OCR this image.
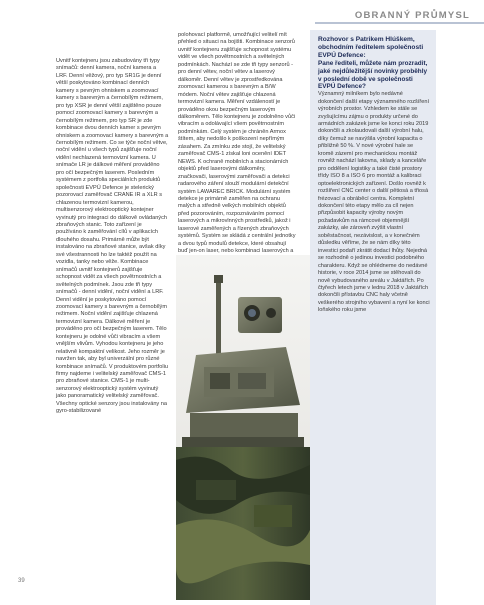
OBRANNÝ PRŮMYSL

Uvnitř kontejneru jsou zabudovány tři typy snímačů: denní kamera, noční kamera a LRF. Denní věžový, pro typ SR1G je denní větší poskytováno kombinací denních kamery s pevným ohniskem a zoomovací kamery s barevným a černobílým režimem, pro typ XSR je denní větší zajištěno pouze pomocí zoomovací kamery s barevným a černobílým režimem, pro typ SR je zde kombinace dvou denních kamer s pevným ohniskem a zoomovací kamery s barevným a černobílým režimem. Co se týče noční větve, noční vidění u všech typů zajišťuje noční vidění nechlazená termovizní kamera. U snímače LR je dálkové měření prováděno pro očí bezpečným laserem. Posledním systémem z portfolia speciálních produktů společnosti EVPÚ Defence je stelerický pozorovací zaměřovač CRANE IR a XLR s chlazenou termovizní kamerou, multisenzorový elektrooptický kontejner vyvinutý pro integraci do dálkově ovládaných zbraňových stanic. Toto zařízení je používáno k zaměřování cílů v aplikacích dlouhého dosahu. Primárně může být instalováno na zbraňové stanice, avšak díky své všestrannosti ho lze taktéž použít na vozidla, tanky nebo věže. Kombinace snímačů uvnitř kontejnerů zajišťuje schopnost vidět za všech povětrnostních a světelných podmínek. Jsou zde tři typy snímačů - denní vidění, noční vidění a LRF. Denní vidění je poskytováno pomocí zoomovací kamery s barevným a černobílým režimem. Noční vidění zajišťuje chlazená termovizní kamera. Dálkové měření je prováděno pro očí bezpečným laserem. Tělo kontejneru je odolné vůči vibracím a všem vnějším vlivům. Vyhodou kontejneru je jeho relativně kompaktní velikost. Jeho rozměr je navržen tak, aby byl univerzální pro různé kombinace snímačů. V produktovém portfoliu firmy najdeme i velitelský zaměřovač CMS-1 pro zbraňové stanice. CMS-1 je multi-senzorový elektrooptický systém vyvinutý jako panoramatický velitelský zaměřovač. Všechny optické senzory jsou instalovány na gyro-stabilizované

polohovací platformě, umožňující velitelí mít přehled o situaci na bojišti. Kombinace senzorů uvnitř kontejneru zajišťuje schopnost systému vidět ve všech povětrnostních a světelných podmínkách. Nachází se zde tři typy senzorů - pro denní větev, noční větev a laserový dálkoměr. Denní větev je zprostředkována zoomovací kamerou s barevným a B/W módem. Noční větev zajišťuje chlazená termovizní kamera. Měření vzdáleností je prováděno okou bezpečným laserovým dálkoměrem. Tělo kontejneru je zodolněno vůči vibracím a odolávající všem povětrnostním podmínkám. Celý systém je chráněn Armox štítem, aby nedošlo k poškození nepřímým zásahem. Za zmínku zde stojí, že velitelský zaměřovač CMS-1 získal loni ocenění IDET NEWS. K ochraně mobilních a stacionárních objektů před laserovými dálkoměry, značkovači, laserovými zaměřovači a detekci radarového záření slouží modulární detekční systém LAWAREC BRICK. Modulární systém detekce je primárně zaměřen na ochranu malých a středně velkých mobilních objektů před pozorováním, rozpoznáváním pomocí laserových a mikrovlnných prostředků, jakož i laserové zaměřených a řízených zbraňových systémů. Systém se skládá z centrální jednotky a dvou typů modulů detekce, které obsahují buď jen-on laser, nebo kombinaci laserových a

Rozhovor s Patrikem Hlúškem, obchodním ředitelem společnosti EVPÚ Defence:

Pane řediteli, můžete nám prozradit, jaké nejdůležitější novinky proběhly v poslední době ve společnosti EVPÚ Defence?

Významný milníkem bylo nedávné dokončení další etapy významného rozšíření výrobních prostor. Vzhledem ke stále se zvyšujícímu zájmu o produkty určené do armádních zakázek jsme ke konci roku 2019 dokončili a zkolaudovali další výrobní halu, díky čemuž se navýšila výrobní kapacita o přibližně 50 %. V nové výrobní hale se kromě zázemí pro mechanickou montáž rovněž nachází lakovna, sklady a kanceláře pro oddělení logistiky a také čisté prostory třídy ISO 8 a ISO 6 pro montáž a kalibraci optoelektronických zařízení. Došlo rovněž k rozšíření CNC center o další pětiosá a třiosá frézovací a obráběcí centra. Kompletní dokončení této etapy mělo za cíl nejen přizpůsobit kapacity výroby novým požadavkům na rámcové objemnější zakázky, ale zároveň zvýšit vlastní soběstačnost, nezávislost, a v konečném důsledku věříme, že se nám díky této investici podaří zkrátit dodací lhůty. Nejedná se rozhodně o jedinou investici podobného charakteru. Když se ohlédneme do nedávné historie, v roce 2014 jsme se stěhovali do nově vybudovaného areálu v Jaktářích. Po čtyřech letech jsme v lednu 2018 v Jaktářích dokončili přístavbu CNC haly včetně veškerého strojního vybavení a nyní ke konci loňského roku jsme

39
